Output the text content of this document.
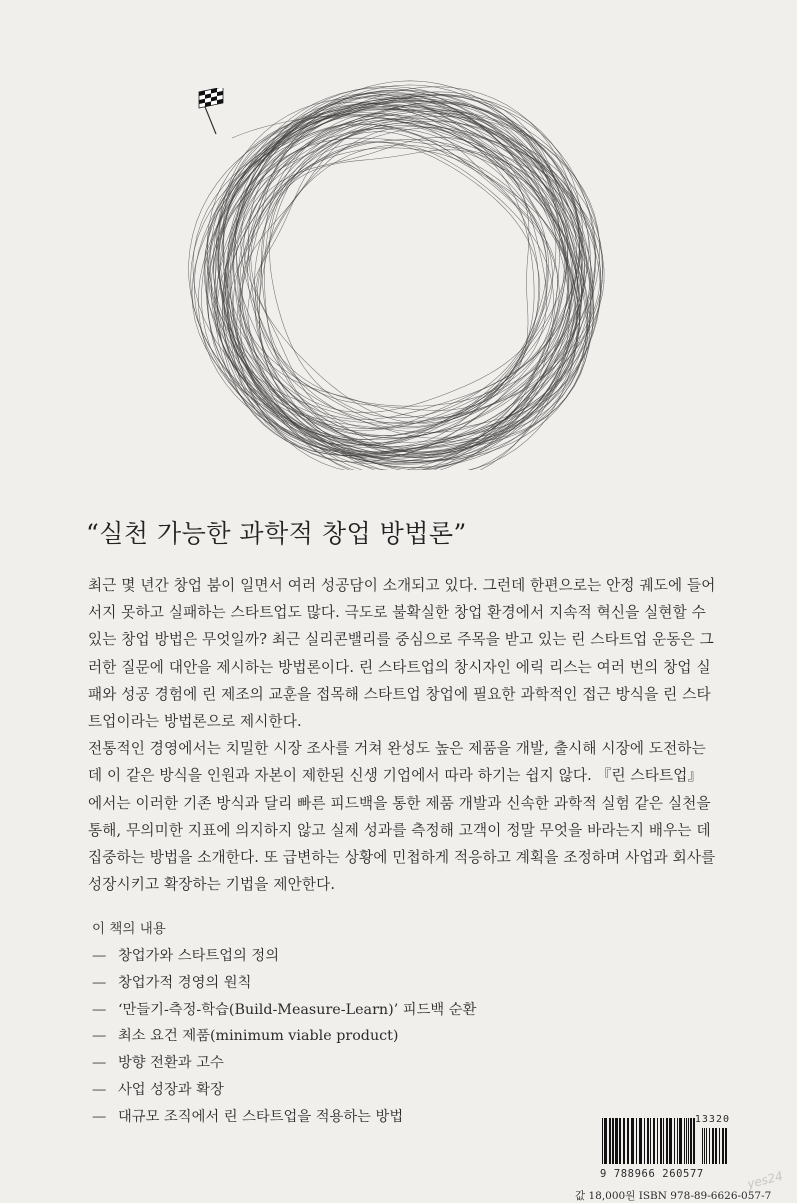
“실천 가능한 과학적 창업 방법론”
최근 몇 년간 창업 붐이 일면서 여러 성공담이 소개되고 있다. 그런데 한편으로는 안정 궤도에 들어서지 못하고 실패하는 스타트업도 많다. 극도로 불확실한 창업 환경에서 지속적 혁신을 실현할 수 있는 창업 방법은 무엇일까? 최근 실리콘밸리를 중심으로 주목을 받고 있는 린 스타트업 운동은 그러한 질문에 대안을 제시하는 방법론이다. 린 스타트업의 창시자인 에릭 리스는 여러 번의 창업 실패와 성공 경험에 린 제조의 교훈을 접목해 스타트업 창업에 필요한 과학적인 접근 방식을 린 스타트업이라는 방법론으로 제시한다.
전통적인 경영에서는 치밀한 시장 조사를 거쳐 완성도 높은 제품을 개발, 출시해 시장에 도전하는데 이 같은 방식을 인원과 자본이 제한된 신생 기업에서 따라 하기는 쉽지 않다. 『린 스타트업』에서는 이러한 기존 방식과 달리 빠른 피드백을 통한 제품 개발과 신속한 과학적 실험 같은 실천을 통해, 무의미한 지표에 의지하지 않고 실제 성과를 측정해 고객이 정말 무엇을 바라는지 배우는 데 집중하는 방법을 소개한다. 또 급변하는 상황에 민첩하게 적응하고 계획을 조정하며 사업과 회사를 성장시키고 확장하는 기법을 제안한다.
이 책의 내용
— 창업가와 스타트업의 정의
— 창업가적 경영의 원칙
— ‘만들기-측정-학습(Build-Measure-Learn)’ 피드백 순환
— 최소 요건 제품(minimum viable product)
— 방향 전환과 고수
— 사업 성장과 확장
— 대규모 조직에서 린 스타트업을 적용하는 방법	13320
9 788966 260577
값 18,000원 ISBN 978-89-6626-057-7
yes24
